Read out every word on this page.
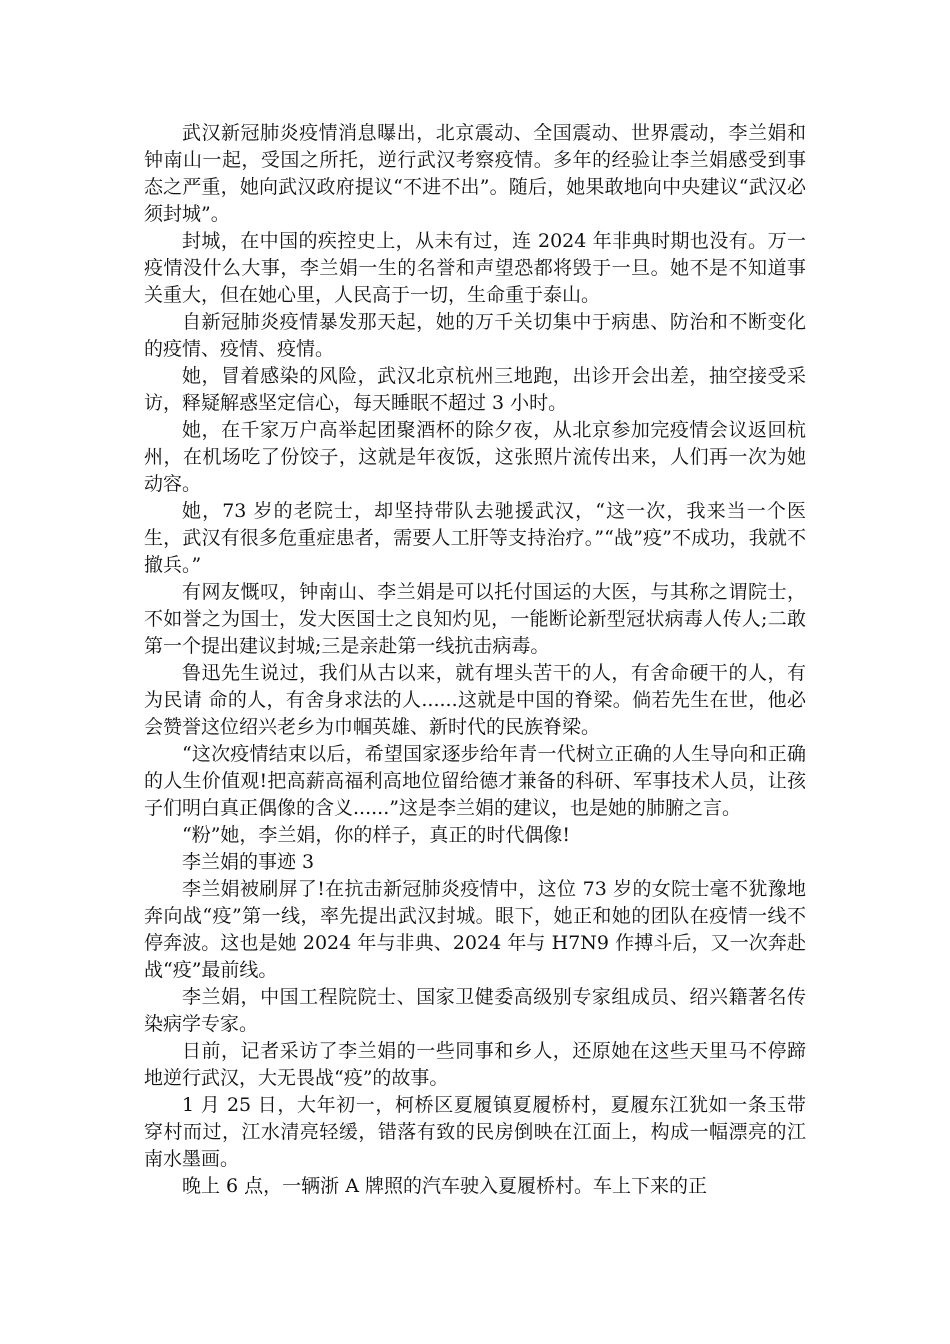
武汉新冠肺炎疫情消息曝出，北京震动、全国震动、世界震动，李兰娟和钟南山一起，受国之所托，逆行武汉考察疫情。多年的经验让李兰娟感受到事态之严重，她向武汉政府提议“不进不出”。随后，她果敢地向中央建议“武汉必须封城”。

封城，在中国的疾控史上，从未有过，连 2024 年非典时期也没有。万一疫情没什么大事，李兰娟一生的名誉和声望恐都将毁于一旦。她不是不知道事关重大，但在她心里，人民高于一切，生命重于泰山。

自新冠肺炎疫情暴发那天起，她的万千关切集中于病患、防治和不断变化的疫情、疫情、疫情。

她，冒着感染的风险，武汉北京杭州三地跑，出诊开会出差，抽空接受采访，释疑解惑坚定信心，每天睡眠不超过 3 小时。

她，在千家万户高举起团聚酒杯的除夕夜，从北京参加完疫情会议返回杭州，在机场吃了份饺子，这就是年夜饭，这张照片流传出来，人们再一次为她动容。

她，73 岁的老院士，却坚持带队去驰援武汉，“这一次，我来当一个医生，武汉有很多危重症患者，需要人工肝等支持治疗。”“战”疫”不成功，我就不撤兵。”

有网友慨叹，钟南山、李兰娟是可以托付国运的大医，与其称之谓院士，不如誉之为国士，发大医国士之良知灼见，一能断论新型冠状病毒人传人;二敢第一个提出建议封城;三是亲赴第一线抗击病毒。

鲁迅先生说过，我们从古以来，就有埋头苦干的人，有舍命硬干的人，有为民请 命的人，有舍身求法的人......这就是中国的脊梁。倘若先生在世，他必会赞誉这位绍兴老乡为巾帼英雄、新时代的民族脊梁。

“这次疫情结束以后，希望国家逐步给年青一代树立正确的人生导向和正确的人生价值观!把高薪高福利高地位留给德才兼备的科研、军事技术人员，让孩子们明白真正偶像的含义......”这是李兰娟的建议，也是她的肺腑之言。

“粉”她，李兰娟，你的样子，真正的时代偶像!

李兰娟的事迹 3

李兰娟被刷屏了!在抗击新冠肺炎疫情中，这位 73 岁的女院士毫不犹豫地奔向战“疫”第一线，率先提出武汉封城。眼下，她正和她的团队在疫情一线不停奔波。这也是她 2024 年与非典、2024 年与 H7N9 作搏斗后，又一次奔赴战“疫”最前线。

李兰娟，中国工程院院士、国家卫健委高级别专家组成员、绍兴籍著名传染病学专家。

日前，记者采访了李兰娟的一些同事和乡人，还原她在这些天里马不停蹄地逆行武汉，大无畏战“疫”的故事。

1 月 25 日，大年初一，柯桥区夏履镇夏履桥村，夏履东江犹如一条玉带穿村而过，江水清亮轻缓，错落有致的民房倒映在江面上，构成一幅漂亮的江南水墨画。

晚上 6 点，一辆浙 A 牌照的汽车驶入夏履桥村。车上下来的正
